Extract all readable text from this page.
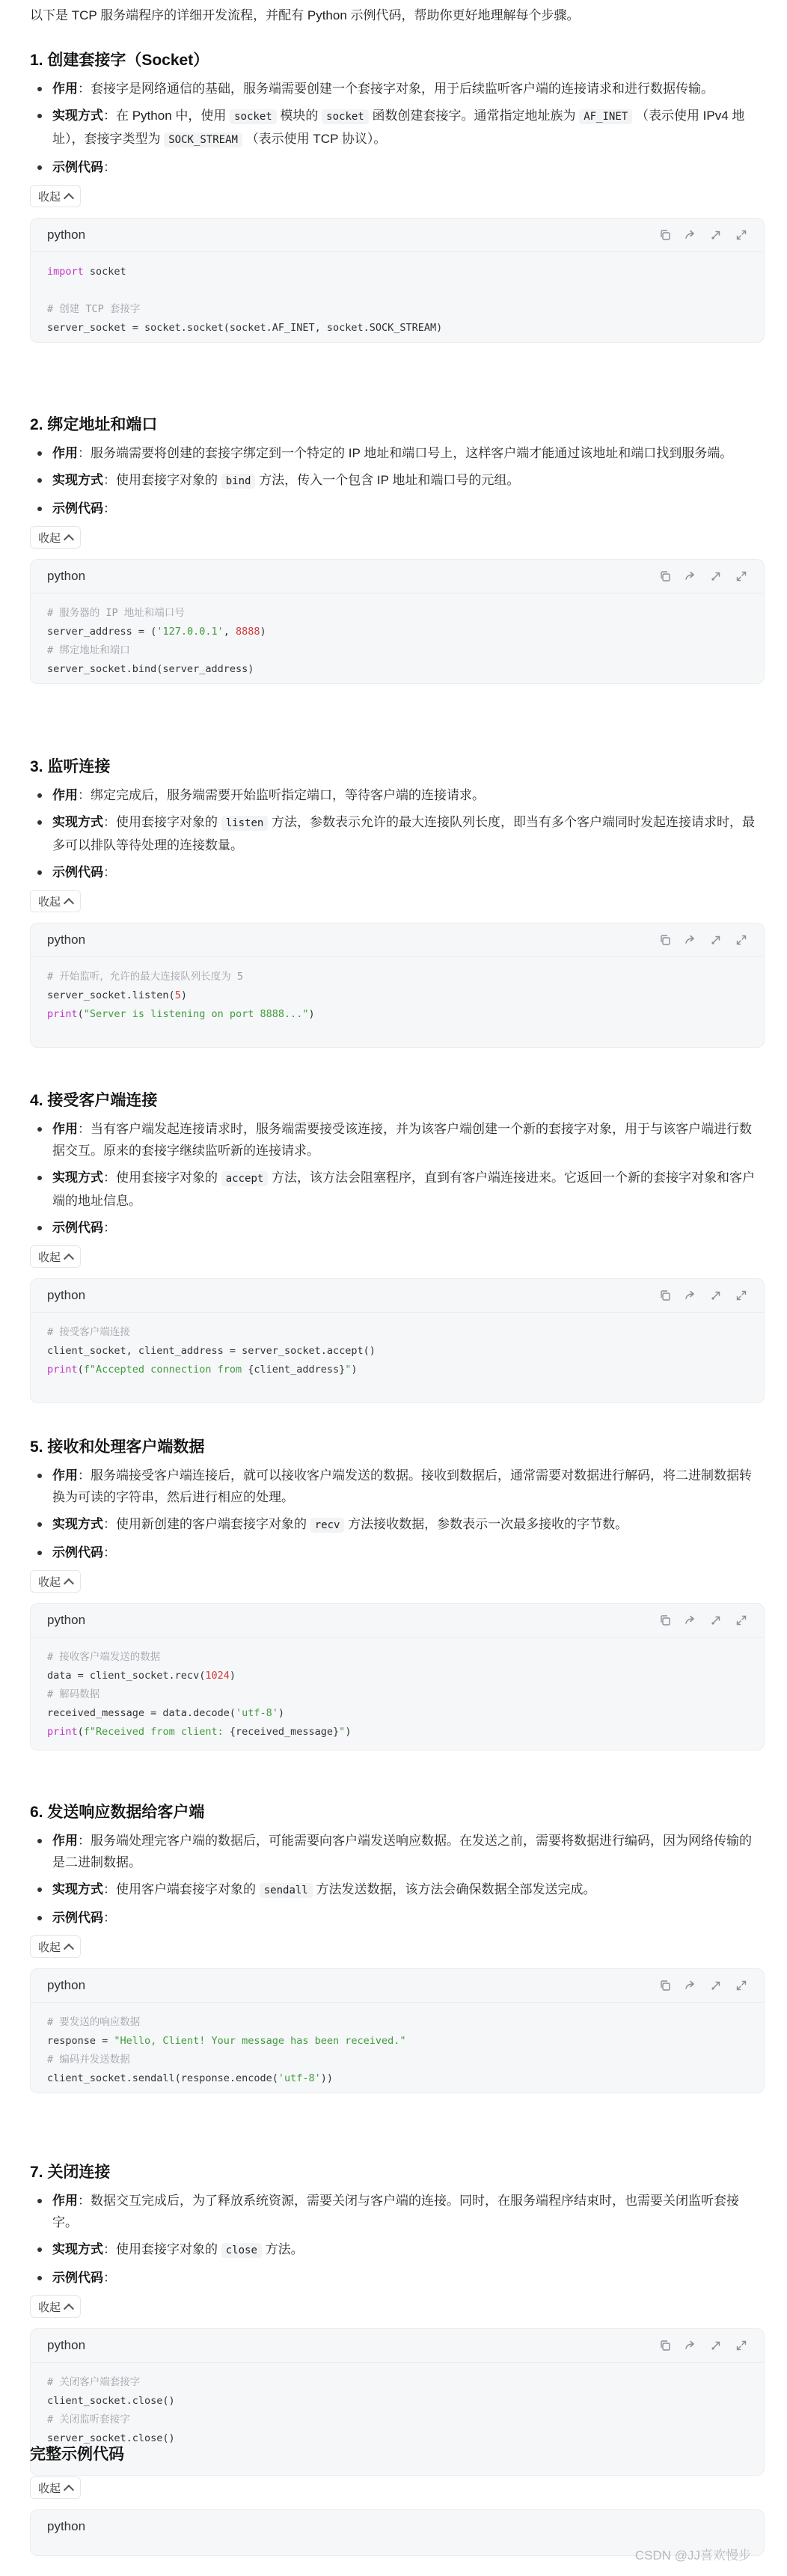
以下是 TCP 服务端程序的详细开发流程，并配有 Python 示例代码，帮助你更好地理解每个步骤。
1. 创建套接字（Socket）
作用：套接字是网络通信的基础，服务端需要创建一个套接字对象，用于后续监听客户端的连接请求和进行数据传输。
实现方式：在 Python 中，使用 socket 模块的 socket 函数创建套接字。通常指定地址族为 AF_INET （表示使用 IPv4 地址），套接字类型为 SOCK_STREAM （表示使用 TCP 协议）。
示例代码：
收起
python
import socket

# 创建 TCP 套接字
server_socket = socket.socket(socket.AF_INET, socket.SOCK_STREAM)
2. 绑定地址和端口
作用：服务端需要将创建的套接字绑定到一个特定的 IP 地址和端口号上，这样客户端才能通过该地址和端口找到服务端。
实现方式：使用套接字对象的 bind 方法，传入一个包含 IP 地址和端口号的元组。
示例代码：
收起
python
# 服务器的 IP 地址和端口号
server_address = ('127.0.0.1', 8888)
# 绑定地址和端口
server_socket.bind(server_address)
3. 监听连接
作用：绑定完成后，服务端需要开始监听指定端口，等待客户端的连接请求。
实现方式：使用套接字对象的 listen 方法，参数表示允许的最大连接队列长度，即当有多个客户端同时发起连接请求时，最多可以排队等待处理的连接数量。
示例代码：
收起
python
# 开始监听，允许的最大连接队列长度为 5
server_socket.listen(5)
print("Server is listening on port 8888...")
4. 接受客户端连接
作用：当有客户端发起连接请求时，服务端需要接受该连接，并为该客户端创建一个新的套接字对象，用于与该客户端进行数据交互。原来的套接字继续监听新的连接请求。
实现方式：使用套接字对象的 accept 方法，该方法会阻塞程序，直到有客户端连接进来。它返回一个新的套接字对象和客户端的地址信息。
示例代码：
收起
python
# 接受客户端连接
client_socket, client_address = server_socket.accept()
print(f"Accepted connection from {client_address}")
5. 接收和处理客户端数据
作用：服务端接受客户端连接后，就可以接收客户端发送的数据。接收到数据后，通常需要对数据进行解码，将二进制数据转换为可读的字符串，然后进行相应的处理。
实现方式：使用新创建的客户端套接字对象的 recv 方法接收数据，参数表示一次最多接收的字节数。
示例代码：
收起
python
# 接收客户端发送的数据
data = client_socket.recv(1024)
# 解码数据
received_message = data.decode('utf-8')
print(f"Received from client: {received_message}")
6. 发送响应数据给客户端
作用：服务端处理完客户端的数据后，可能需要向客户端发送响应数据。在发送之前，需要将数据进行编码，因为网络传输的是二进制数据。
实现方式：使用客户端套接字对象的 sendall 方法发送数据，该方法会确保数据全部发送完成。
示例代码：
收起
python
# 要发送的响应数据
response = "Hello, Client! Your message has been received."
# 编码并发送数据
client_socket.sendall(response.encode('utf-8'))
7. 关闭连接
作用：数据交互完成后，为了释放系统资源，需要关闭与客户端的连接。同时，在服务端程序结束时，也需要关闭监听套接字。
实现方式：使用套接字对象的 close 方法。
示例代码：
收起
python
# 关闭客户端套接字
client_socket.close()
# 关闭监听套接字
server_socket.close()
完整示例代码
收起
python
CSDN @JJ喜欢慢步
